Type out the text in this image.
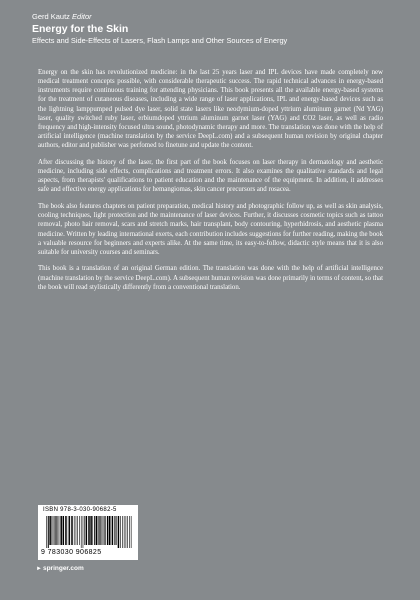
Gerd Kautz Editor
Energy for the Skin
Effects and Side-Effects of Lasers, Flash Lamps and Other Sources of Energy

Energy on the skin has revolutionized medicine: in the last 25 years laser and IPL devices have made completely new medical treatment concepts possible, with considerable therapeutic success. The rapid technical advances in energy-based instruments require continuous training for attending physicians. This book presents all the available energy-based systems for the treatment of cutaneous diseases, including a wide range of laser applications, IPL and energy-based devices such as the lightning lamppumped pulsed dye laser, solid state lasers like neodymium-doped yttrium aluminum garnet (Nd YAG) laser, quality switched ruby laser, erbiumdoped yttrium aluminum garnet laser (YAG) and CO2 laser, as well as radio frequency and high-intensity focused ultra sound, photodynamic therapy and more. The translation was done with the help of artificial intelligence (machine translation by the service DeepL.com) and a subsequent human revision by original chapter authors, editor and publisher was perfomed to finetune and update the content.

After discussing the history of the laser, the first part of the book focuses on laser therapy in dermatology and aesthetic medicine, including side effects, complications and treatment errors. It also examines the qualitative standards and legal aspects, from therapists' qualifications to patient education and the maintenance of the equipment. In addition, it addresses safe and effective energy applications for hemangiomas, skin cancer precursors and rosacea.

The book also features chapters on patient preparation, medical history and photographic follow up, as well as skin analysis, cooling techniques, light protection and the maintenance of laser devices. Further, it discusses cosmetic topics such as tattoo removal, photo hair removal, scars and stretch marks, hair transplant, body contouring, hyperhidrosis, and aesthetic plasma medicine. Written by leading international exerts, each contribution includes suggestions for further reading, making the book a valuable resource for beginners and experts alike. At the same time, its easy-to-follow, didactic style means that it is also suitable for university courses and seminars.

This book is a translation of an original German edition. The translation was done with the help of artificial intelligence (machine translation by the service DeepL.com). A subsequent human revision was done primarily in terms of content, so that the book will read stylistically differently from a conventional translation.

ISBN 978-3-030-90682-5
9 783030 906825
►springer.com
